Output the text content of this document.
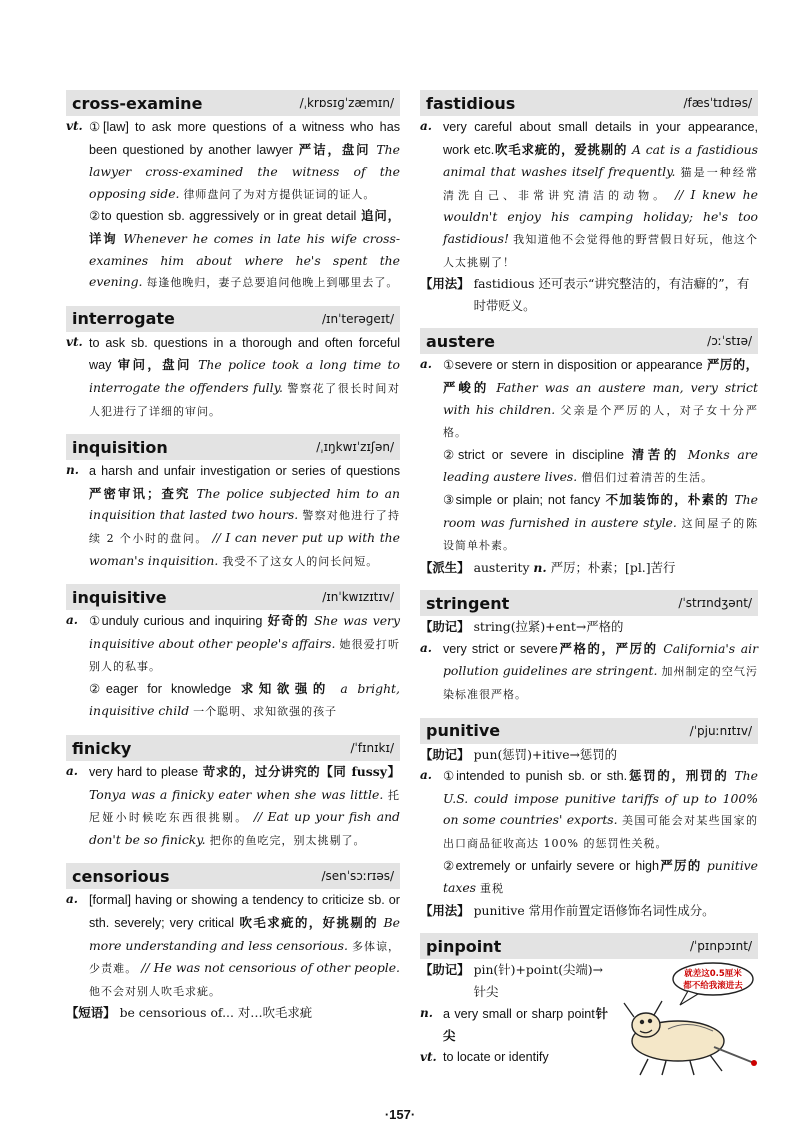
cross-examine	/ˌkrɒsɪɡˈzæmɪn/
vt. ①[law] to ask more questions of a witness who has been questioned by another lawyer 严诘，盘问 The lawyer cross-examined the witness of the opposing side. 律师盘问了为对方提供证词的证人。
②to question sb. aggressively or in great detail 追问，详询 Whenever he comes in late his wife cross-examines him about where he's spent the evening. 每逢他晚归，妻子总要追问他晚上到哪里去了。
interrogate	/ɪnˈterəɡeɪt/
vt. to ask sb. questions in a thorough and often forceful way 审问，盘问 The police took a long time to interrogate the offenders fully. 警察花了很长时间对人犯进行了详细的审问。
inquisition	/ˌɪŋkwɪˈzɪʃən/
n. a harsh and unfair investigation or series of questions 严密审讯；查究 The police subjected him to an inquisition that lasted two hours. 警察对他进行了持续 2 个小时的盘问。 // I can never put up with the woman's inquisition. 我受不了这女人的问长问短。
inquisitive	/ɪnˈkwɪzɪtɪv/
a. ①unduly curious and inquiring 好奇的 She was very inquisitive about other people's affairs. 她很爱打听别人的私事。
②eager for knowledge 求知欲强的 a bright, inquisitive child 一个聪明、求知欲强的孩子
finicky	/ˈfɪnɪkɪ/
a. very hard to please 苛求的，过分讲究的【同 fussy】 Tonya was a finicky eater when she was little. 托尼娅小时候吃东西很挑剔。 // Eat up your fish and don't be so finicky. 把你的鱼吃完，别太挑剔了。
censorious	/senˈsɔːrɪəs/
a. [formal] having or showing a tendency to criticize sb. or sth. severely; very critical 吹毛求疵的，好挑剔的 Be more understanding and less censorious. 多体谅，少责难。 // He was not censorious of other people. 他不会对别人吹毛求疵。
【短语】 be censorious of... 对…吹毛求疵
fastidious	/fæsˈtɪdɪəs/
a. very careful about small details in your appearance, work etc.吹毛求疵的，爱挑剔的 A cat is a fastidious animal that washes itself frequently. 猫是一种经常清洗自己、非常讲究清洁的动物。 // I knew he wouldn't enjoy his camping holiday; he's too fastidious! 我知道他不会觉得他的野营假日好玩，他这个人太挑剔了！
【用法】 fastidious 还可表示“讲究整洁的，有洁癖的”，有时带贬义。
austere	/ɔːˈstɪə/
a. ①severe or stern in disposition or appearance 严厉的，严峻的 Father was an austere man, very strict with his children. 父亲是个严厉的人，对子女十分严格。
②strict or severe in discipline 清苦的 Monks are leading austere lives. 僧侣们过着清苦的生活。
③simple or plain; not fancy 不加装饰的，朴素的 The room was furnished in austere style. 这间屋子的陈设简单朴素。
【派生】 austerity n. 严厉；朴素；[pl.]苦行
stringent	/ˈstrɪndʒənt/
【助记】 string(拉紧)+ent→严格的
a. very strict or severe严格的，严厉的 California's air pollution guidelines are stringent. 加州制定的空气污染标准很严格。
punitive	/ˈpjuːnɪtɪv/
【助记】 pun(惩罚)+itive→惩罚的
a. ①intended to punish sb. or sth.惩罚的，刑罚的 The U.S. could impose punitive tariffs of up to 100% on some countries' exports. 美国可能会对某些国家的出口商品征收高达 100% 的惩罚性关税。
②extremely or unfairly severe or high严厉的 punitive taxes 重税
【用法】 punitive 常用作前置定语修饰名词性成分。
pinpoint	/ˈpɪnpɔɪnt/
【助记】 pin(针)+point(尖端)→针尖
n. a very small or sharp point针尖
vt. to locate or identify
就差这0.5厘米
都不给我滚进去
·157·
